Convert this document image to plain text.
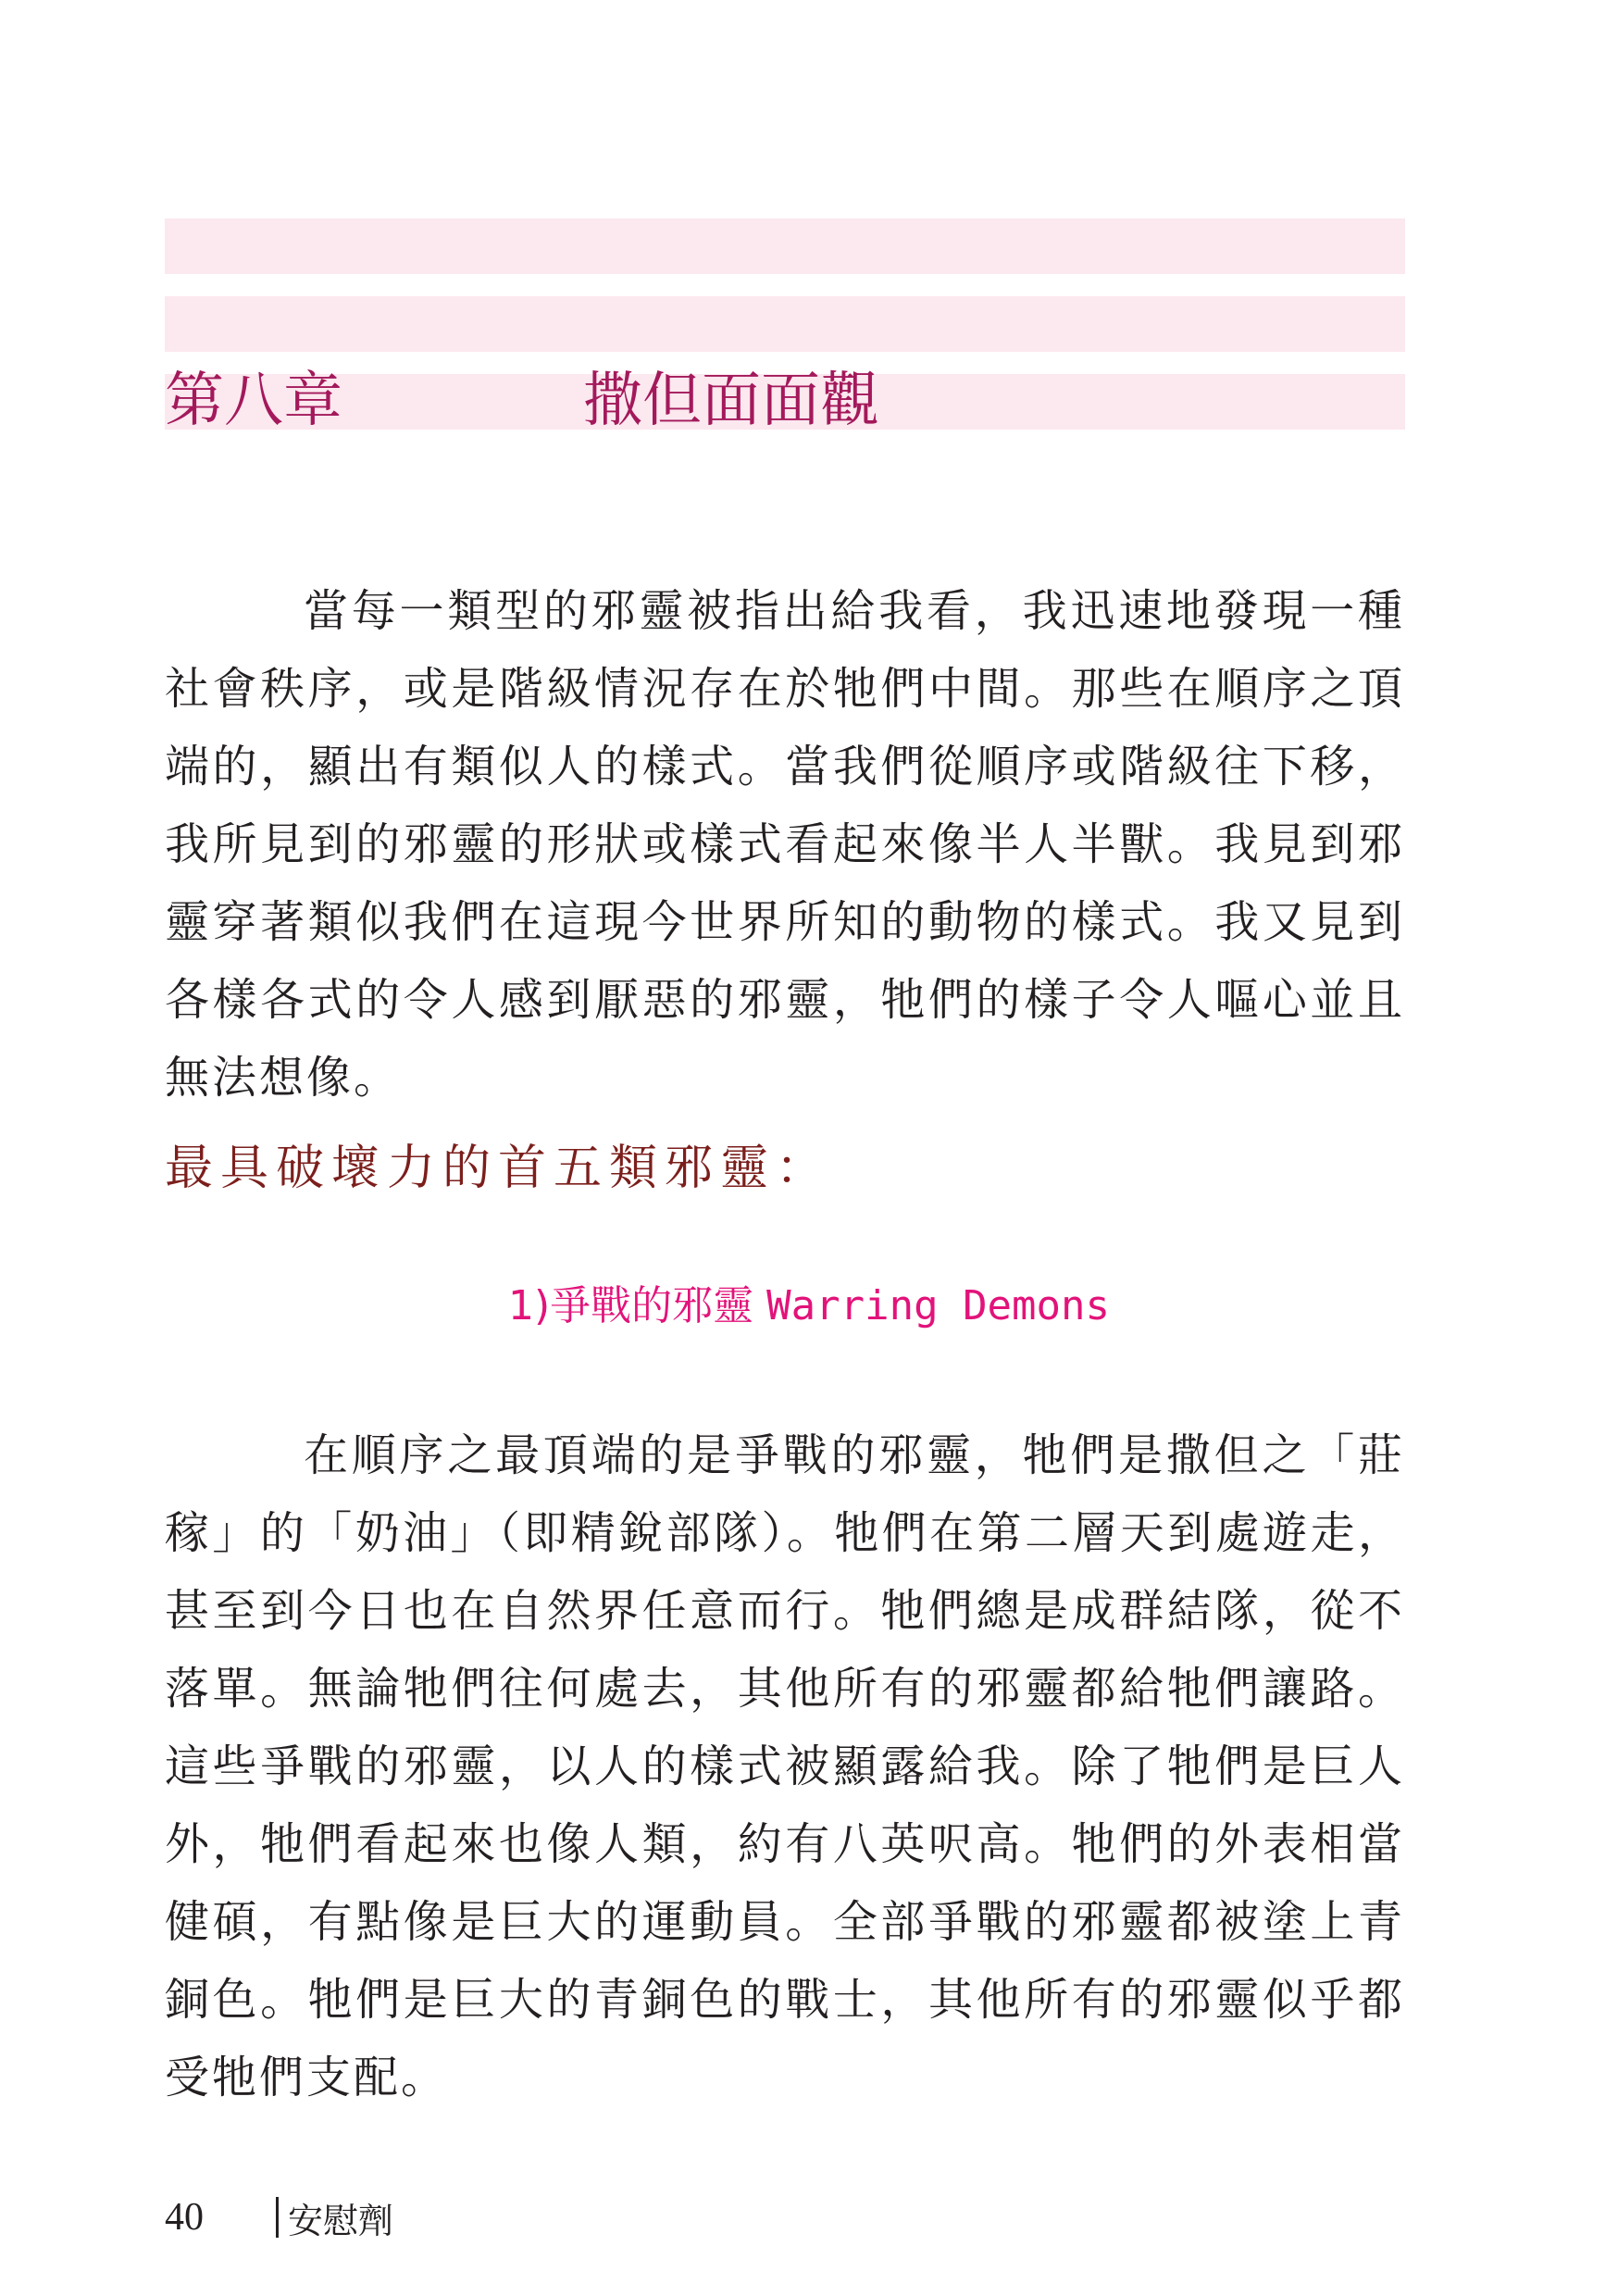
第八章	撒但面面觀

當每一類型的邪靈被指出給我看，我迅速地發現一種社會秩序，或是階級情況存在於牠們中間。那些在順序之頂端的，顯出有類似人的樣式。當我們從順序或階級往下移，我所見到的邪靈的形狀或樣式看起來像半人半獸。我見到邪靈穿著類似我們在這現今世界所知的動物的樣式。我又見到各樣各式的令人感到厭惡的邪靈，牠們的樣子令人嘔心並且無法想像。

最具破壞力的首五類邪靈：
1)爭戰的邪靈 Warring Demons

在順序之最頂端的是爭戰的邪靈，牠們是撒但之「莊稼」的「奶油」（即精銳部隊）。牠們在第二層天到處遊走，甚至到今日也在自然界任意而行。牠們總是成群結隊，從不落單。無論牠們往何處去，其他所有的邪靈都給牠們讓路。這些爭戰的邪靈，以人的樣式被顯露給我。除了牠們是巨人外，牠們看起來也像人類，約有八英呎高。牠們的外表相當健碩，有點像是巨大的運動員。全部爭戰的邪靈都被塗上青銅色。牠們是巨大的青銅色的戰士，其他所有的邪靈似乎都受牠們支配。

40	安慰劑
